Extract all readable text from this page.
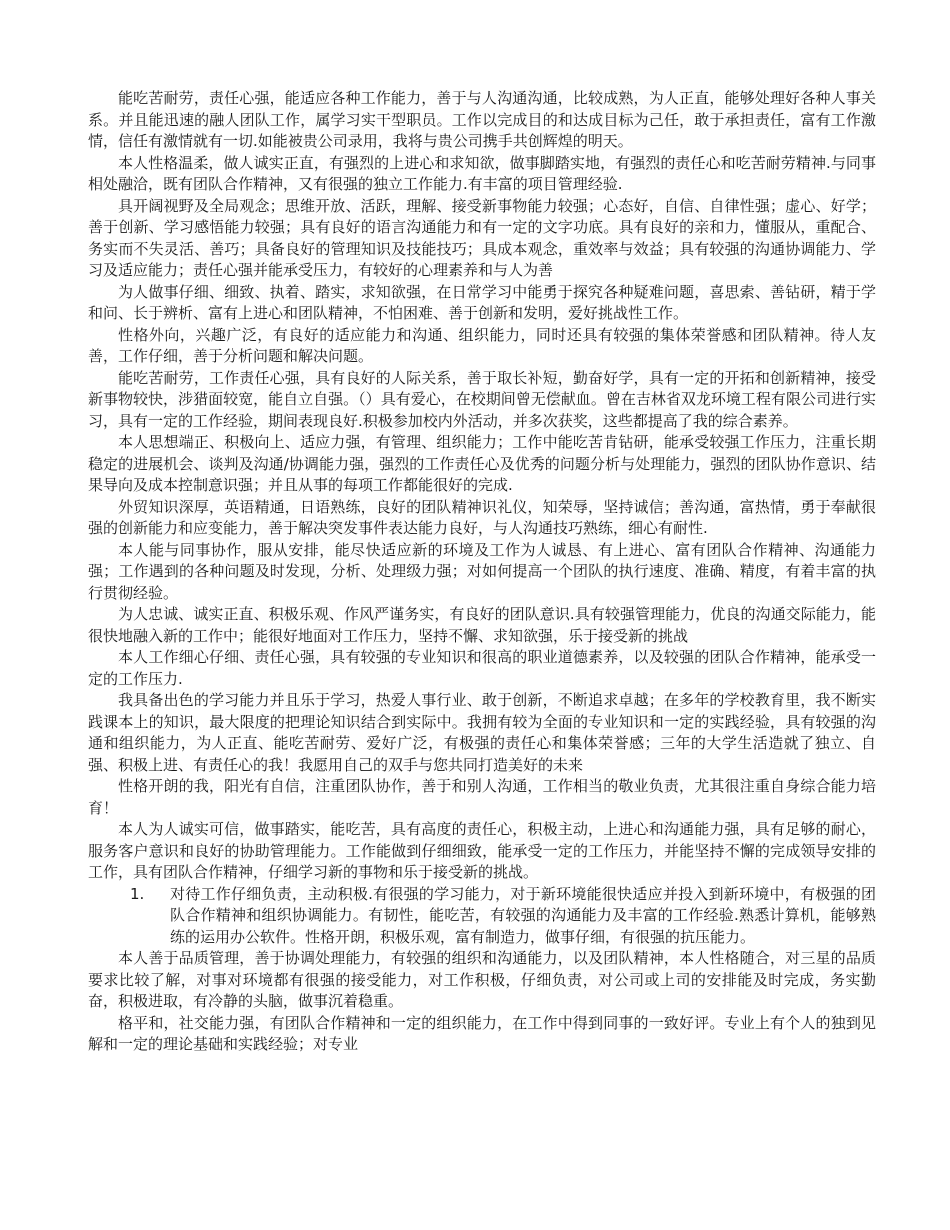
能吃苦耐劳，责任心强，能适应各种工作能力，善于与人沟通沟通，比较成熟，为人正直，能够处理好各种人事关系。并且能迅速的融人团队工作，属学习实干型职员。工作以完成目的和达成目标为己任，敢于承担责任，富有工作激情，信任有激情就有一切.如能被贵公司录用，我将与贵公司携手共创辉煌的明天。

本人性格温柔，做人诚实正直，有强烈的上进心和求知欲，做事脚踏实地，有强烈的责任心和吃苦耐劳精神.与同事相处融洽，既有团队合作精神，又有很强的独立工作能力.有丰富的项目管理经验.

具开阔视野及全局观念；思维开放、活跃，理解、接受新事物能力较强；心态好，自信、自律性强；虚心、好学；善于创新、学习感悟能力较强；具有良好的语言沟通能力和有一定的文字功底。具有良好的亲和力，懂服从，重配合、务实而不失灵活、善巧；具备良好的管理知识及技能技巧；具成本观念，重效率与效益；具有较强的沟通协调能力、学习及适应能力；责任心强并能承受压力，有较好的心理素养和与人为善

为人做事仔细、细致、执着、踏实，求知欲强，在日常学习中能勇于探究各种疑难问题，喜思索、善钻研，精于学和问、长于辨析、富有上进心和团队精神，不怕困难、善于创新和发明，爱好挑战性工作。

性格外向，兴趣广泛，有良好的适应能力和沟通、组织能力，同时还具有较强的集体荣誉感和团队精神。待人友善，工作仔细，善于分析问题和解决问题。

能吃苦耐劳，工作责任心强，具有良好的人际关系，善于取长补短，勤奋好学，具有一定的开拓和创新精神，接受新事物较快，涉猎面较宽，能自立自强。（）具有爱心，在校期间曾无偿献血。曾在吉林省双龙环境工程有限公司进行实习，具有一定的工作经验，期间表现良好.积极参加校内外活动，并多次获奖，这些都提高了我的综合素养。

本人思想端正、积极向上、适应力强，有管理、组织能力；工作中能吃苦肯钻研，能承受较强工作压力，注重长期稳定的进展机会、谈判及沟通/协调能力强，强烈的工作责任心及优秀的问题分析与处理能力，强烈的团队协作意识、结果导向及成本控制意识强；并且从事的每项工作都能很好的完成.

外贸知识深厚，英语精通，日语熟练，良好的团队精神识礼仪，知荣辱，坚持诚信；善沟通，富热情，勇于奉献很强的创新能力和应变能力，善于解决突发事件表达能力良好，与人沟通技巧熟练，细心有耐性.

本人能与同事协作，服从安排，能尽快适应新的环境及工作为人诚恳、有上进心、富有团队合作精神、沟通能力强；工作遇到的各种问题及时发现，分析、处理级力强；对如何提高一个团队的执行速度、准确、精度，有着丰富的执行贯彻经验。

为人忠诚、诚实正直、积极乐观、作风严谨务实，有良好的团队意识.具有较强管理能力，优良的沟通交际能力，能很快地融入新的工作中；能很好地面对工作压力，坚持不懈、求知欲强，乐于接受新的挑战

本人工作细心仔细、责任心强，具有较强的专业知识和很高的职业道德素养，以及较强的团队合作精神，能承受一定的工作压力.

我具备出色的学习能力并且乐于学习，热爱人事行业、敢于创新，不断追求卓越；在多年的学校教育里，我不断实践课本上的知识，最大限度的把理论知识结合到实际中。我拥有较为全面的专业知识和一定的实践经验，具有较强的沟通和组织能力，为人正直、能吃苦耐劳、爱好广泛，有极强的责任心和集体荣誉感；三年的大学生活造就了独立、自强、积极上进、有责任心的我！我愿用自己的双手与您共同打造美好的未来

性格开朗的我，阳光有自信，注重团队协作，善于和别人沟通，工作相当的敬业负责，尤其很注重自身综合能力培育！

本人为人诚实可信，做事踏实，能吃苦，具有高度的责任心，积极主动，上进心和沟通能力强，具有足够的耐心，服务客户意识和良好的协助管理能力。工作能做到仔细细致，能承受一定的工作压力，并能坚持不懈的完成领导安排的工作，具有团队合作精神，仔细学习新的事物和乐于接受新的挑战。

1. 对待工作仔细负责，主动积极.有很强的学习能力，对于新环境能很快适应并投入到新环境中，有极强的团队合作精神和组织协调能力。有韧性，能吃苦，有较强的沟通能力及丰富的工作经验.熟悉计算机，能够熟练的运用办公软件。性格开朗，积极乐观，富有制造力，做事仔细，有很强的抗压能力。

本人善于品质管理，善于协调处理能力，有较强的组织和沟通能力，以及团队精神，本人性格随合，对三星的品质要求比较了解，对事对环境都有很强的接受能力，对工作积极，仔细负责，对公司或上司的安排能及时完成，务实勤奋，积极进取，有冷静的头脑，做事沉着稳重。

格平和，社交能力强，有团队合作精神和一定的组织能力，在工作中得到同事的一致好评。专业上有个人的独到见解和一定的理论基础和实践经验；对专业
